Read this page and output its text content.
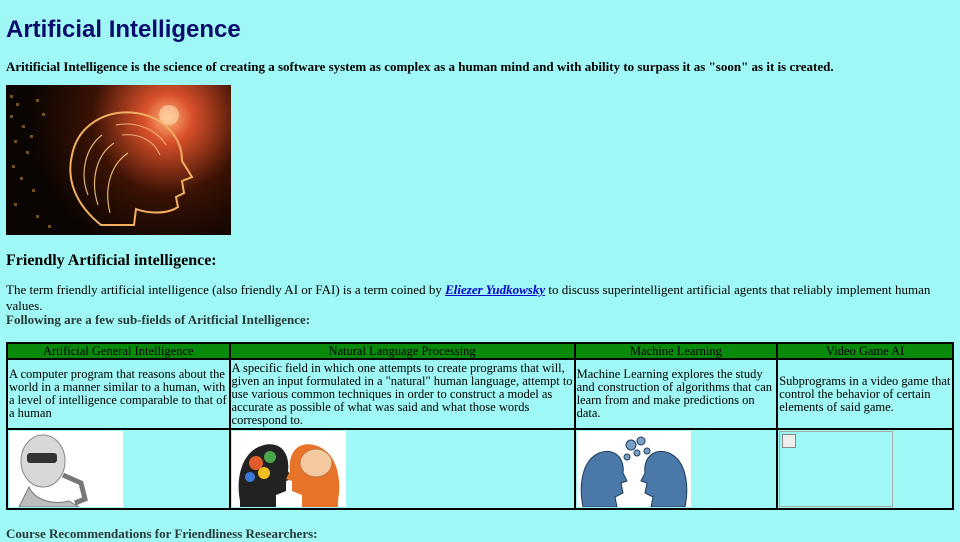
Artificial Intelligence

Aritificial Intelligence is the science of creating a software system as complex as a human mind and with ability to surpass it as "soon" as it is created.

Friendly Artificial intelligence:

The term friendly artificial intelligence (also friendly AI or FAI) is a term coined by Eliezer Yudkowsky to discuss superintelligent artificial agents that reliably implement human values.

Following are a few sub-fields of Aritficial Intelligence:

Artificial General Intelligence	Natural Language Processing	Machine Learning	Video Game AI
A computer program that reasons about the world in a manner similar to a human, with a level of intelligence comparable to that of a human	A specific field in which one attempts to create programs that will, given an input formulated in a "natural" human language, attempt to use various common techniques in order to construct a model as accurate as possible of what was said and what those words correspond to.	Machine Learning explores the study and construction of algorithms that can learn from and make predictions on data.	Subprograms in a video game that control the behavior of certain elements of said game.

Course Recommendations for Friendliness Researchers:
